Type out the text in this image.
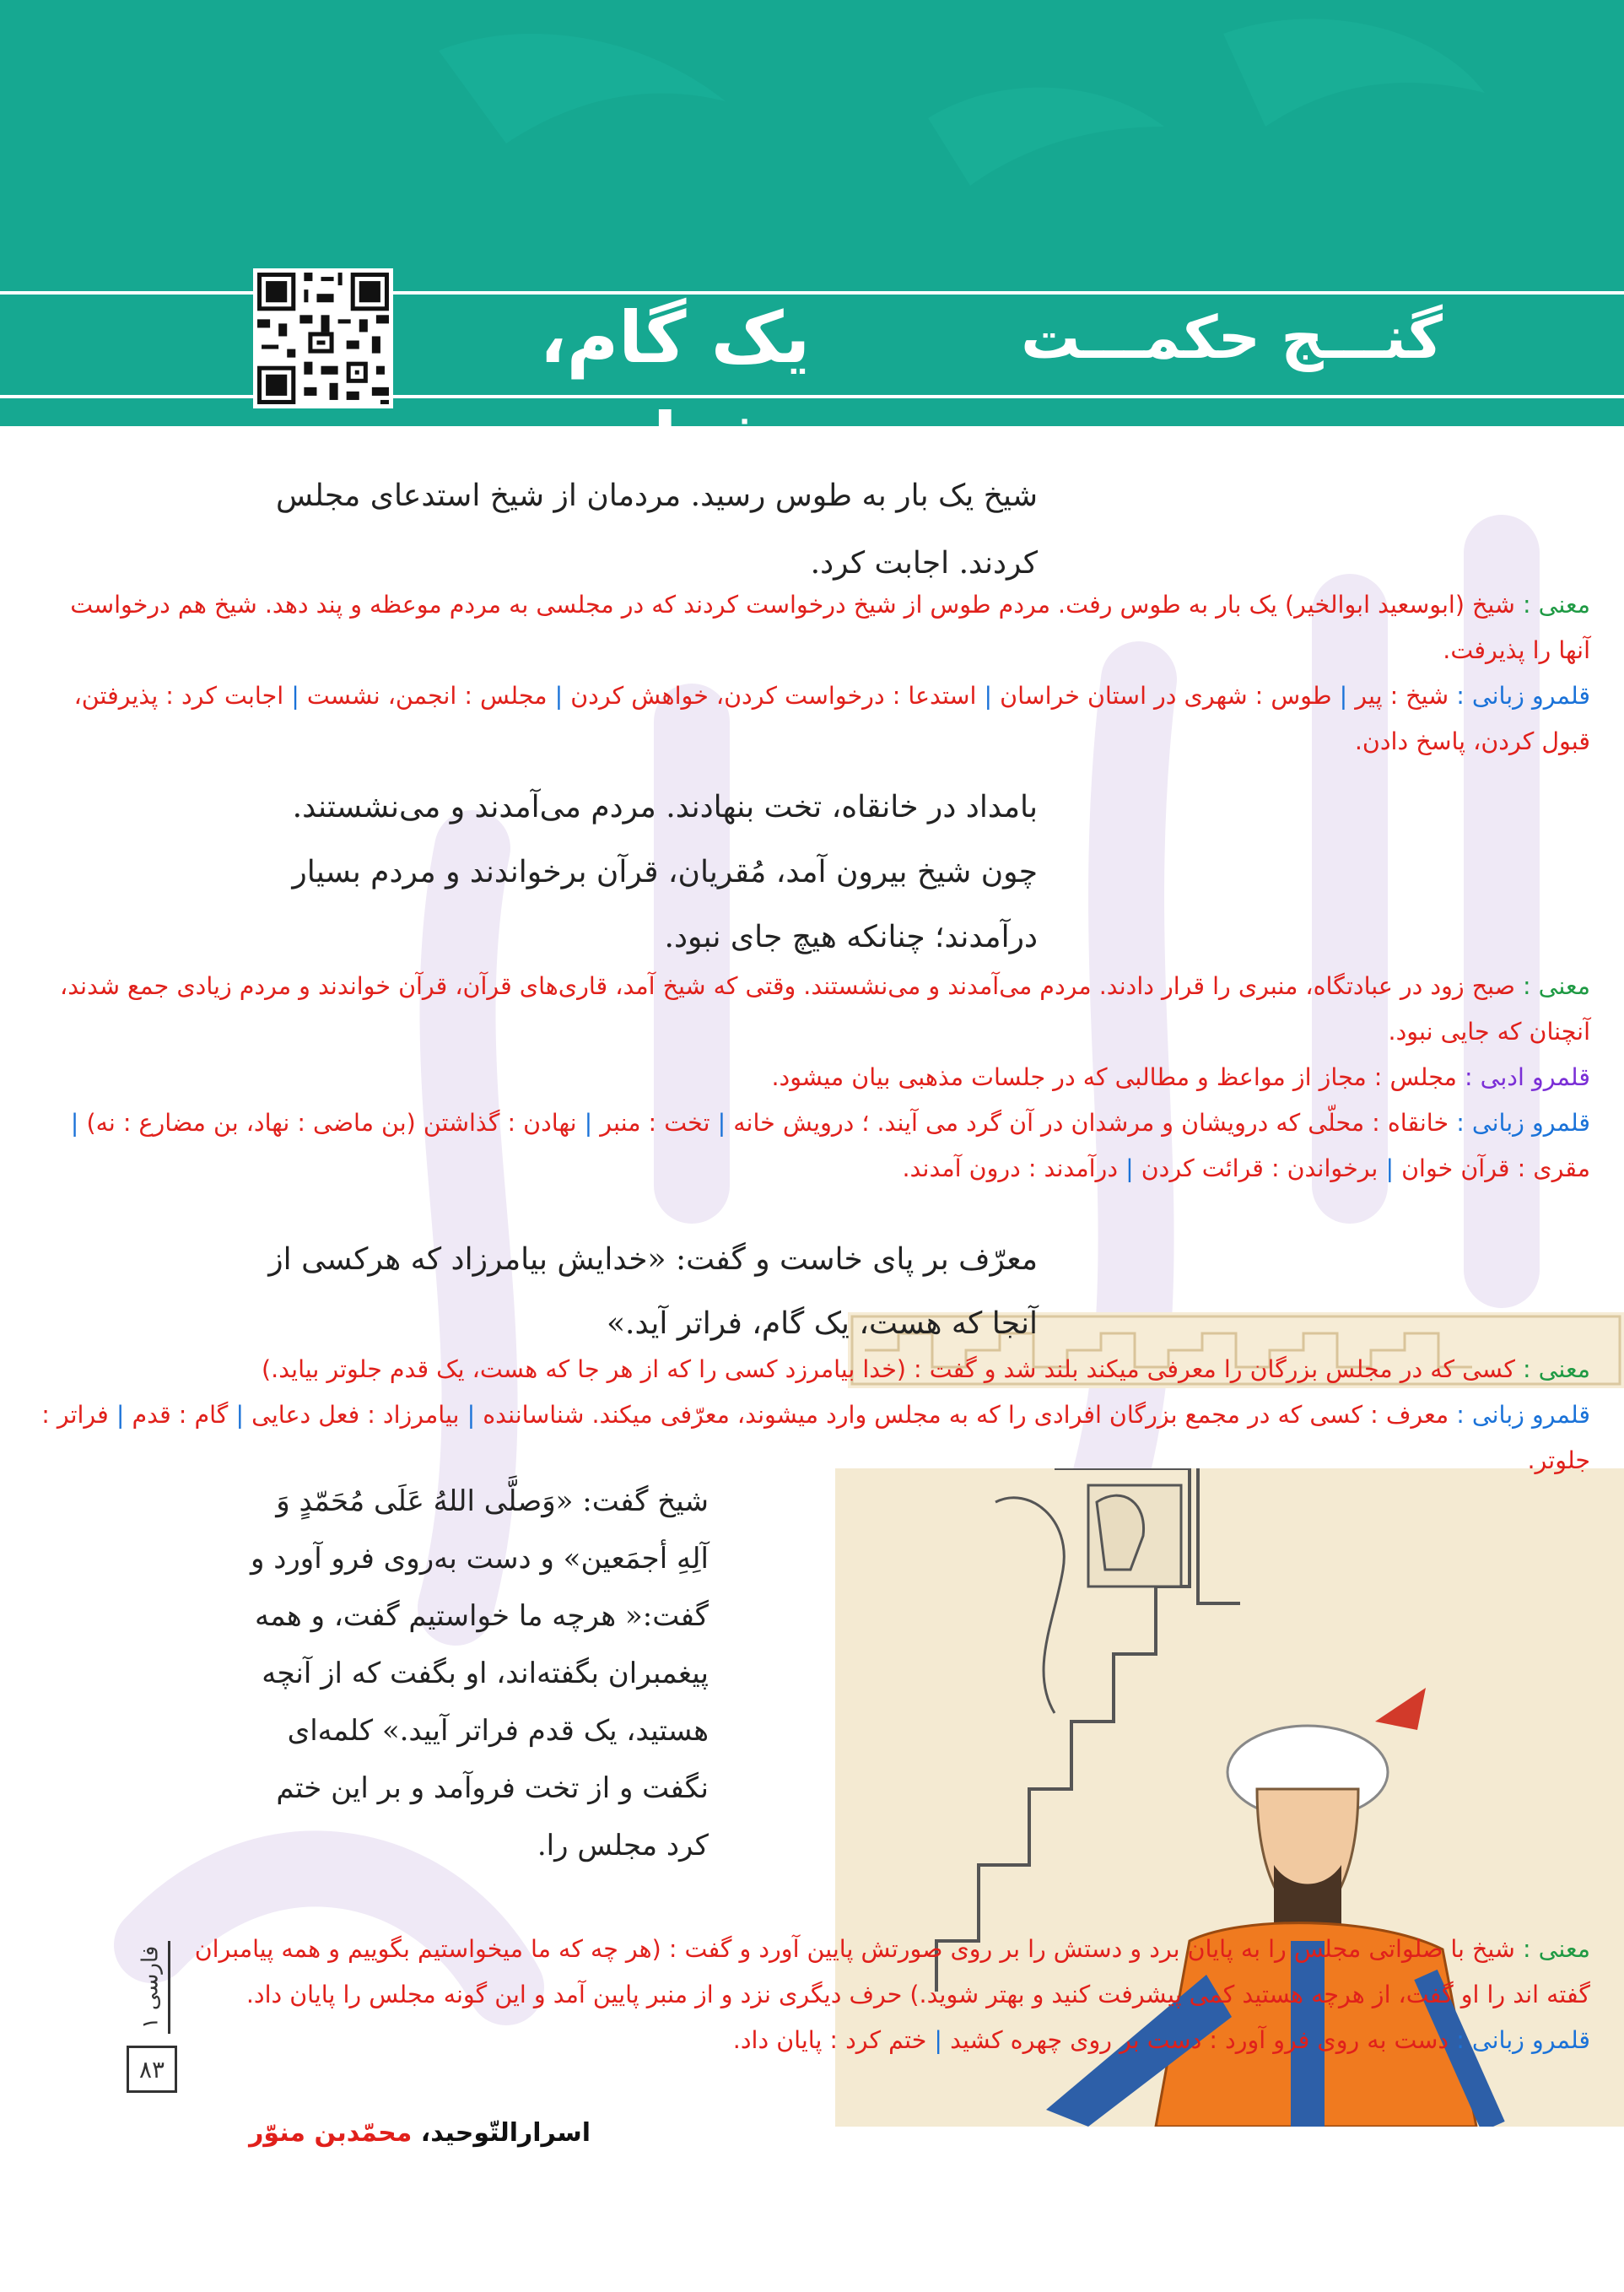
یک گام، فراتر
گنـــج حکمـــت
شیخ یک بار به طوس رسید. مردمان از شیخ استدعای مجلس
کردند. اجابت کرد.
معنی : شیخ (ابوسعید ابوالخیر) یک بار به طوس رفت. مردم طوس از شیخ درخواست کردند که در مجلسی به مردم موعظه و پند دهد. شیخ هم درخواست آنها را پذیرفت.
قلمرو زبانی : شیخ : پیر | طوس : شهری در استان خراسان | استدعا : درخواست کردن، خواهش کردن | مجلس : انجمن، نشست | اجابت کرد : پذیرفتن، قبول کردن، پاسخ دادن.
بامداد در خانقاه، تخت بنهادند. مردم می‌آمدند و می‌نشستند.
چون شیخ بیرون آمد، مُقریان، قرآن برخواندند و مردم بسیار
درآمدند؛ چنانکه هیچ جای نبود.
معنی : صبح زود در عبادتگاه، منبری را قرار دادند. مردم می‌آمدند و می‌نشستند. وقتی که شیخ آمد، قاری‌های قرآن، قرآن خواندند و مردم زیادی جمع شدند، آنچنان که جایی نبود.
قلمرو ادبی : مجلس : مجاز از مواعظ و مطالبی که در جلسات مذهبی بیان میشود.
قلمرو زبانی : خانقاه : محلّی که درویشان و مرشدان در آن گرد می آیند. ؛ درویش خانه | تخت : منبر | نهادن : گذاشتن (بن ماضی : نهاد، بن مضارع : نه) | مقری : قرآن خوان | برخواندن : قرائت کردن | درآمدند : درون آمدند.
معرّف بر پای خاست و گفت: «خدایش بیامرزاد که هرکسی از
آنجا که هست، یک گام، فراتر آید.»
معنی : کسی که در مجلس بزرگان را معرفی میکند بلند شد و گفت : (خدا بیامرزد کسی را که از هر جا که هست، یک قدم جلوتر بیاید.)
قلمرو زبانی : معرف : کسی که در مجمع بزرگان افرادی را که به مجلس وارد میشوند، معرّفی میکند. شناساننده | بیامرزاد : فعل دعایی | گام : قدم | فراتر : جلوتر.
شیخ گفت: «وَصلَّی اللهُ عَلَی مُحَمّدٍ وَ
آلِهِ أجمَعین» و دست به‌روی فرو آورد و
گفت:« هرچه ما خواستیم گفت، و همه
پیغمبران بگفته‌اند، او بگفت که از آنچه
هستید، یک قدم فراتر آیید.» کلمه‌ای
نگفت و از تخت فروآمد و بر این ختم
کرد مجلس را.
معنی : شیخ با صلواتی مجلس را به پایان برد و دستش را بر روی صورتش پایین آورد و گفت : (هر چه که ما میخواستیم بگوییم و همه پیامبران گفته اند را او گفت، از هرچه هستید کمی پیشرفت کنید و بهتر شوید.) حرف دیگری نزد و از منبر پایین آمد و این گونه مجلس را پایان داد.
قلمرو زبانی : دست به روی فرو آورد : دست بر روی چهره کشید | ختم کرد : پایان داد.
اسرارالتّوحید، محمّدبن منوّر
فارسی ۱
۸۳
